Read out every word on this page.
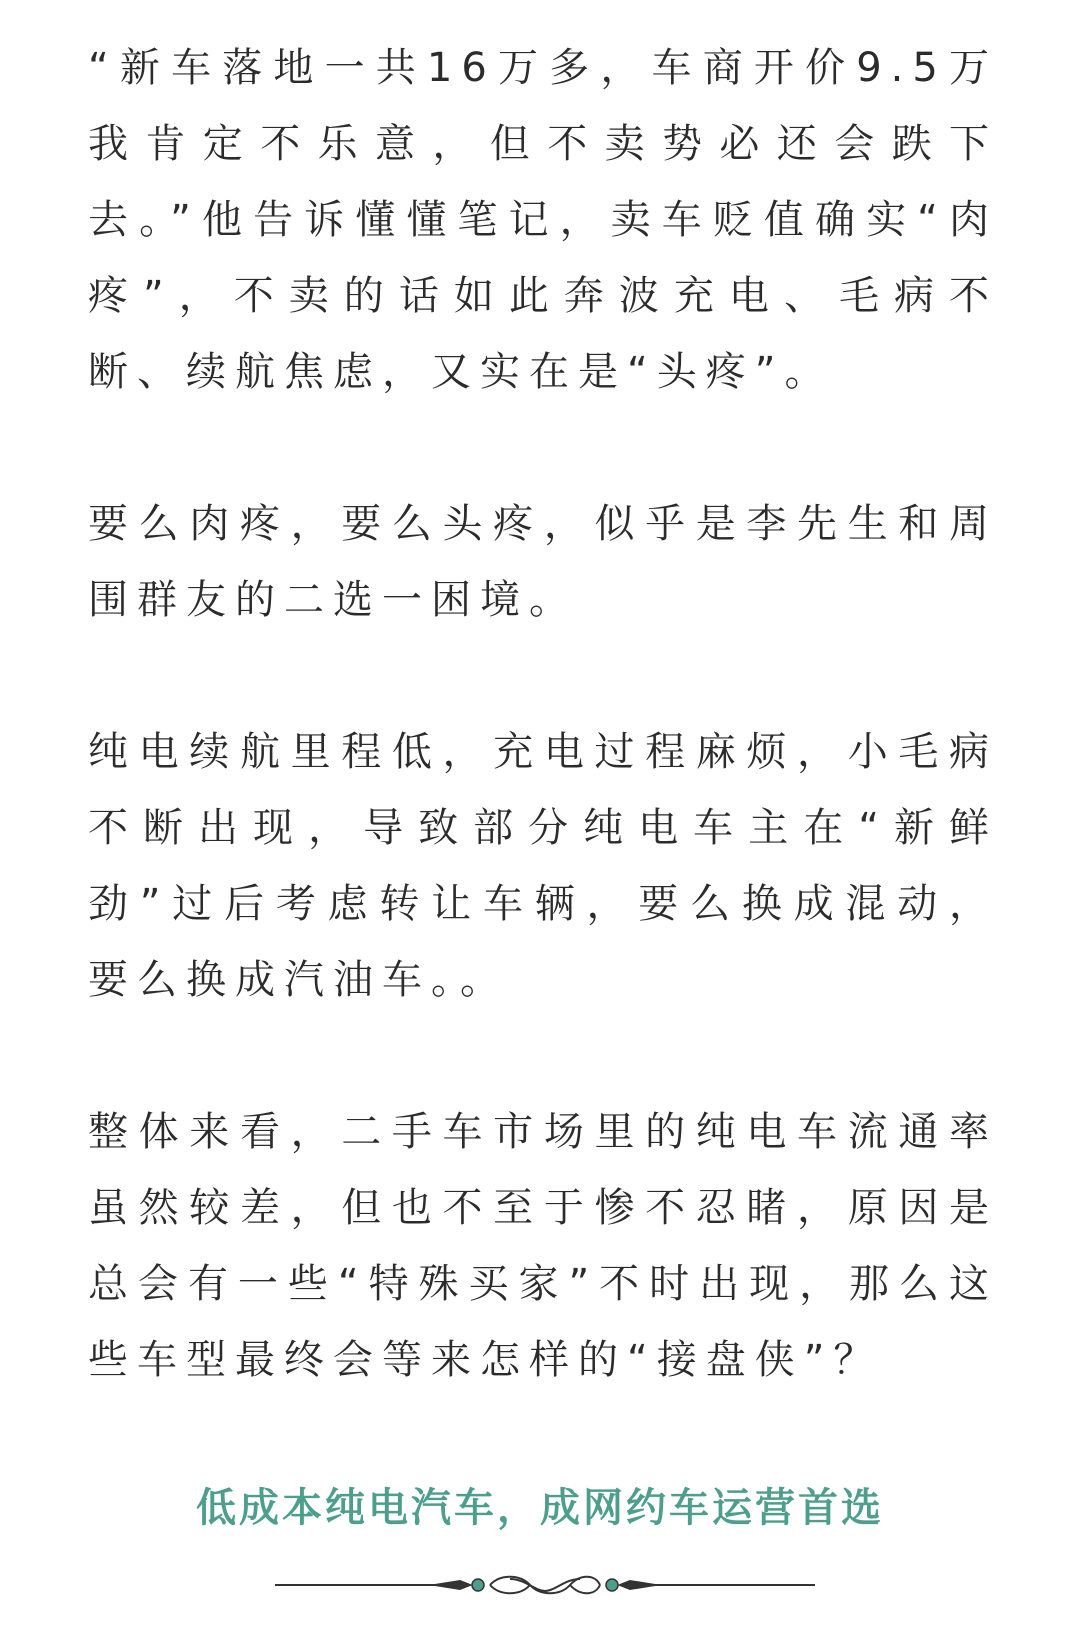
“新车落地一共16万多，车商开价9.5万我肯定不乐意，但不卖势必还会跌下去。”他告诉懂懂笔记，卖车贬值确实“肉疼”，不卖的话如此奔波充电、毛病不断、续航焦虑，又实在是“头疼”。

要么肉疼，要么头疼，似乎是李先生和周围群友的二选一困境。

纯电续航里程低，充电过程麻烦，小毛病不断出现，导致部分纯电车主在“新鲜劲”过后考虑转让车辆，要么换成混动，要么换成汽油车。。

整体来看，二手车市场里的纯电车流通率虽然较差，但也不至于惨不忍睹，原因是总会有一些“特殊买家”不时出现，那么这些车型最终会等来怎样的“接盘侠”？

低成本纯电汽车，成网约车运营首选
